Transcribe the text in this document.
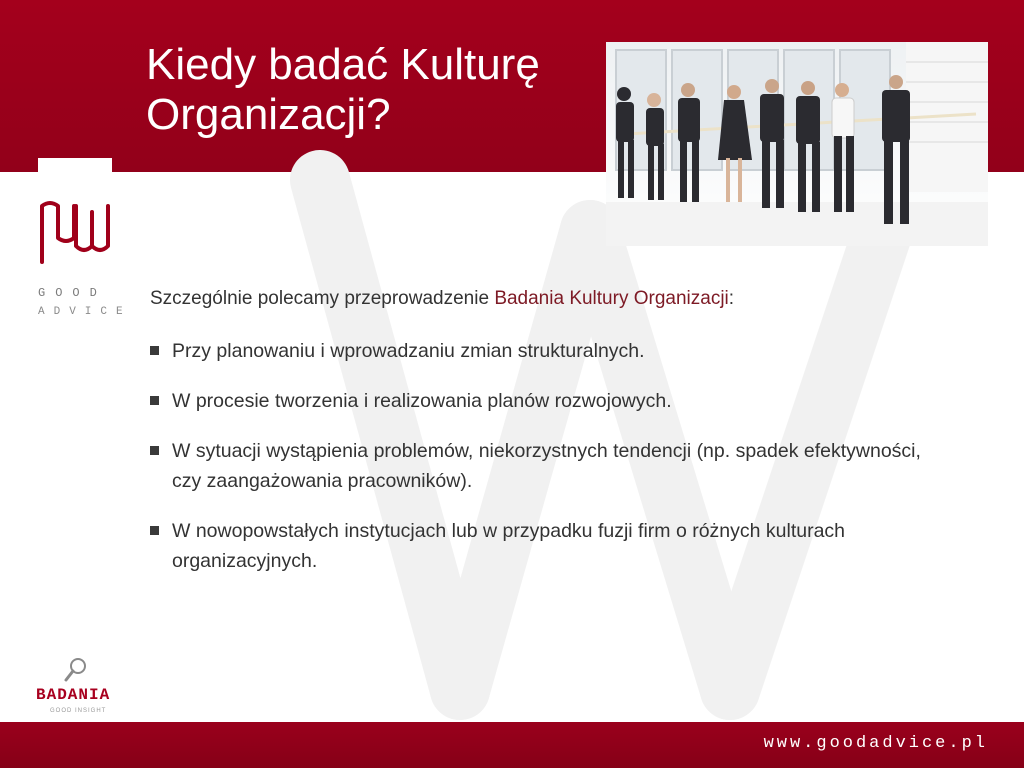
Kiedy badać Kulturę
Organizacji?
GOOD
ADVICE
Szczególnie polecamy przeprowadzenie Badania Kultury Organizacji:
Przy planowaniu i wprowadzaniu zmian strukturalnych.
W procesie tworzenia i realizowania planów rozwojowych.
W sytuacji wystąpienia problemów, niekorzystnych tendencji (np. spadek efektywności, czy zaangażowania pracowników).
W nowopowstałych instytucjach lub w przypadku fuzji firm o różnych kulturach organizacyjnych.
BADANIA
GOOD INSIGHT
www.goodadvice.pl
